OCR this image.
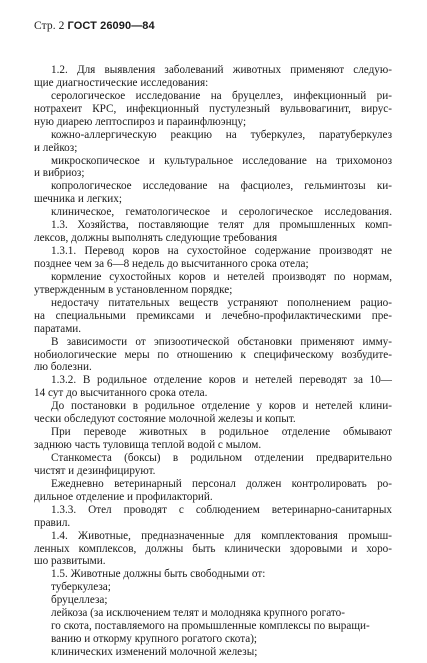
Стр. 2 ГОСТ 26090—84
1.2. Для выявления заболеваний животных применяют следую-
щие диагностические исследования:
серологическое исследование на бруцеллез, инфекционный ри-
нотрахеит КРС, инфекционный пустулезный вульвовагинит, вирус-
ную диарею лептоспироз и параинфлюэнцу;
кожно-аллергическую реакцию на туберкулез, паратуберкулез
и лейкоз;
микроскопическое и культуральное исследование на трихомоноз
и вибриоз;
копрологическое исследование на фасциолез, гельминтозы ки-
шечника и легких;
клиническое, гематологическое и серологическое исследования.
1.3. Хозяйства, поставляющие телят для промышленных комп-
лексов, должны выполнять следующие требования
1.3.1. Перевод коров на сухостойное содержание производят не
позднее чем за 6—8 недель до высчитанного срока отела;
кормление сухостойных коров и нетелей производят по нормам,
утвержденным в установленном порядке;
недостачу питательных веществ устраняют пополнением рацио-
на специальными премиксами и лечебно-профилактическими пре-
паратами.
В зависимости от эпизоотической обстановки применяют имму-
нобиологические меры по отношению к специфическому возбудите-
лю болезни.
1.3.2. В родильное отделение коров и нетелей переводят за 10—
14 сут до высчитанного срока отела.
До постановки в родильное отделение у коров и нетелей клини-
чески обследуют состояние молочной железы и копыт.
При переводе животных в родильное отделение обмывают
заднюю часть туловища теплой водой с мылом.
Станкоместа (боксы) в родильном отделении предварительно
чистят и дезинфицируют.
Ежедневно ветеринарный персонал должен контролировать ро-
дильное отделение и профилакторий.
1.3.3. Отел проводят с соблюдением ветеринарно-санитарных
правил.
1.4. Животные, предназначенные для комплектования промыш-
ленных комплексов, должны быть клинически здоровыми и хоро-
шо развитыми.
1.5. Животные должны быть свободными от:
туберкулеза;
бруцеллеза;
лейкоза (за исключением телят и молодняка крупного рогато-
го скота, поставляемого на промышленные комплексы по выращи-
ванию и откорму крупного рогатого скота);
клинических изменений молочной железы;
